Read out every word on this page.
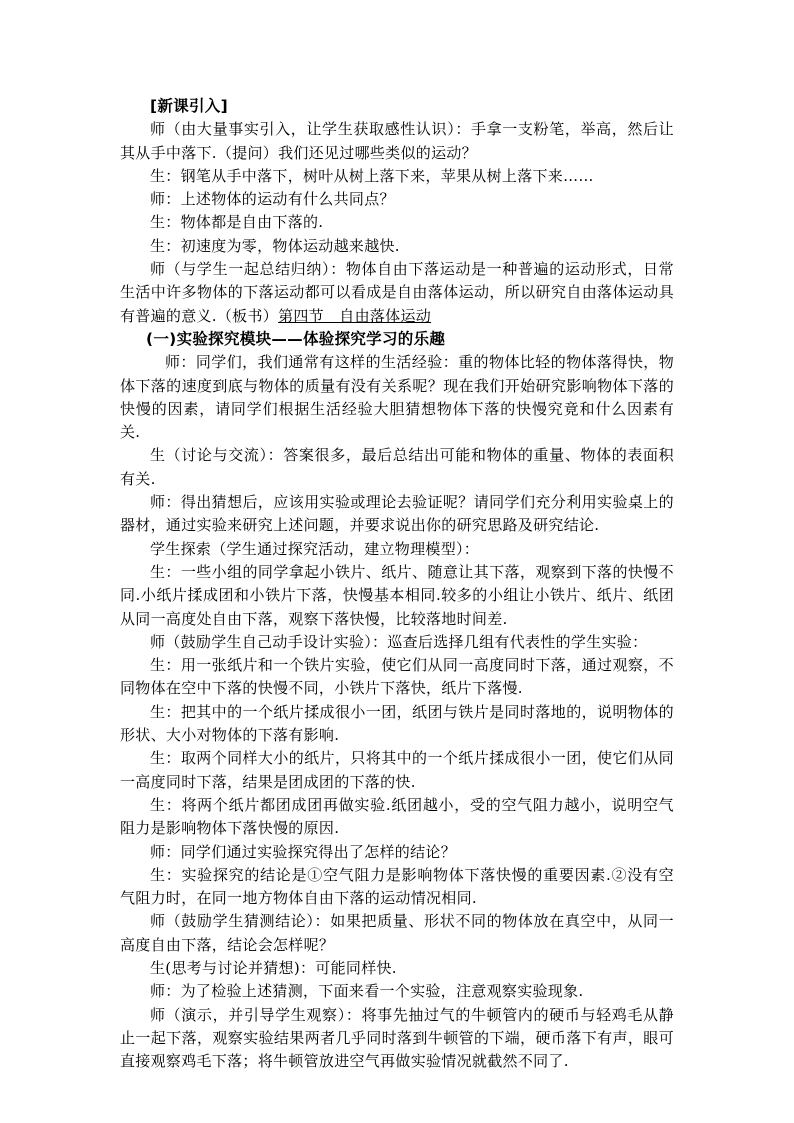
[新课引入]

师（由大量事实引入，让学生获取感性认识）：手拿一支粉笔，举高，然后让其从手中落下.（提问）我们还见过哪些类似的运动？

生：钢笔从手中落下，树叶从树上落下来，苹果从树上落下来……

师：上述物体的运动有什么共同点？

生：物体都是自由下落的.

生：初速度为零，物体运动越来越快.

师（与学生一起总结归纳）：物体自由下落运动是一种普遍的运动形式，日常生活中许多物体的下落运动都可以看成是自由落体运动，所以研究自由落体运动具有普遍的意义.（板书）第四节　自由落体运动

(一)实验探究模块——体验探究学习的乐趣

师：同学们，我们通常有这样的生活经验：重的物体比轻的物体落得快，物体下落的速度到底与物体的质量有没有关系呢？现在我们开始研究影响物体下落的快慢的因素，请同学们根据生活经验大胆猜想物体下落的快慢究竟和什么因素有关.

生（讨论与交流）：答案很多，最后总结出可能和物体的重量、物体的表面积有关.

师：得出猜想后，应该用实验或理论去验证呢？请同学们充分利用实验桌上的器材，通过实验来研究上述问题，并要求说出你的研究思路及研究结论.

学生探索（学生通过探究活动，建立物理模型）：

生：一些小组的同学拿起小铁片、纸片、随意让其下落，观察到下落的快慢不同.小纸片揉成团和小铁片下落，快慢基本相同.较多的小组让小铁片、纸片、纸团从同一高度处自由下落，观察下落快慢，比较落地时间差.

师（鼓励学生自己动手设计实验）：巡查后选择几组有代表性的学生实验：

生：用一张纸片和一个铁片实验，使它们从同一高度同时下落，通过观察，不同物体在空中下落的快慢不同，小铁片下落快，纸片下落慢.

生：把其中的一个纸片揉成很小一团，纸团与铁片是同时落地的，说明物体的形状、大小对物体的下落有影响.

生：取两个同样大小的纸片，只将其中的一个纸片揉成很小一团，使它们从同一高度同时下落，结果是团成团的下落的快.

生：将两个纸片都团成团再做实验.纸团越小，受的空气阻力越小，说明空气阻力是影响物体下落快慢的原因.

师：同学们通过实验探究得出了怎样的结论？

生：实验探究的结论是①空气阻力是影响物体下落快慢的重要因素.②没有空气阻力时，在同一地方物体自由下落的运动情况相同.

师（鼓励学生猜测结论）：如果把质量、形状不同的物体放在真空中，从同一高度自由下落，结论会怎样呢？

生(思考与讨论并猜想)：可能同样快.

师：为了检验上述猜测，下面来看一个实验，注意观察实验现象.

师（演示，并引导学生观察）：将事先抽过气的牛顿管内的硬币与轻鸡毛从静止一起下落，观察实验结果两者几乎同时落到牛顿管的下端，硬币落下有声，眼可直接观察鸡毛下落；将牛顿管放进空气再做实验情况就截然不同了.
